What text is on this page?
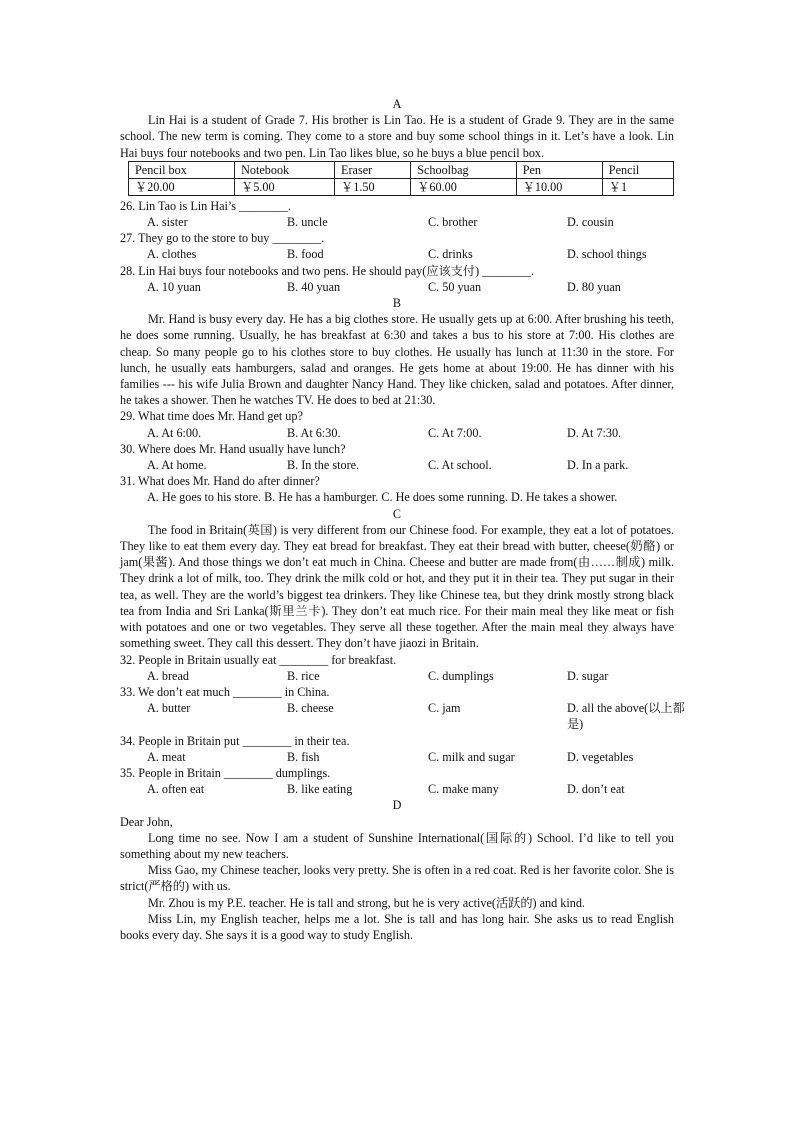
A

Lin Hai is a student of Grade 7. His brother is Lin Tao. He is a student of Grade 9. They are in the same school. The new term is coming. They come to a store and buy some school things in it. Let’s have a look. Lin Hai buys four notebooks and two pen. Lin Tao likes blue, so he buys a blue pencil box.

Pencil box	Notebook	Eraser	Schoolbag	Pen	Pencil
￥20.00	￥5.00	￥1.50	￥60.00	￥10.00	￥1

26. Lin Tao is Lin Hai’s ________.

A. sister	B. uncle	C. brother	D. cousin

27. They go to the store to buy ________.

A. clothes	B. food	C. drinks	D. school things

28. Lin Hai buys four notebooks and two pens. He should pay(应该支付) ________.

A. 10 yuan	B. 40 yuan	C. 50 yuan	D. 80 yuan

B

Mr. Hand is busy every day. He has a big clothes store. He usually gets up at 6:00. After brushing his teeth, he does some running. Usually, he has breakfast at 6:30 and takes a bus to his store at 7:00. His clothes are cheap. So many people go to his clothes store to buy clothes. He usually has lunch at 11:30 in the store. For lunch, he usually eats hamburgers, salad and oranges. He gets home at about 19:00. He has dinner with his families --- his wife Julia Brown and daughter Nancy Hand. They like chicken, salad and potatoes. After dinner, he takes a shower. Then he watches TV. He does to bed at 21:30.

29. What time does Mr. Hand get up?

A. At 6:00.	B. At 6:30.	C. At 7:00.	D. At 7:30.

30. Where does Mr. Hand usually have lunch?

A. At home.	B. In the store.	C. At school.	D. In a park.

31. What does Mr. Hand do after dinner?

A. He goes to his store. B. He has a hamburger. C. He does some running. D. He takes a shower.

C

The food in Britain(英国) is very different from our Chinese food. For example, they eat a lot of potatoes. They like to eat them every day. They eat bread for breakfast. They eat their bread with butter, cheese(奶酪) or jam(果酱). And those things we don’t eat much in China. Cheese and butter are made from(由……制成) milk. They drink a lot of milk, too. They drink the milk cold or hot, and they put it in their tea. They put sugar in their tea, as well. They are the world’s biggest tea drinkers. They like Chinese tea, but they drink mostly strong black tea from India and Sri Lanka(斯里兰卡). They don’t eat much rice. For their main meal they like meat or fish with potatoes and one or two vegetables. They serve all these together. After the main meal they always have something sweet. They call this dessert. They don’t have jiaozi in Britain.

32. People in Britain usually eat ________ for breakfast.

A. bread	B. rice	C. dumplings	D. sugar

33. We don’t eat much ________ in China.

A. butter	B. cheese	C. jam	D. all the above(以上都是)

34. People in Britain put ________ in their tea.

A. meat	B. fish	C. milk and sugar	D. vegetables

35. People in Britain ________ dumplings.

A. often eat	B. like eating	C. make many	D. don’t eat

D

Dear John,

Long time no see. Now I am a student of Sunshine International(国际的) School. I’d like to tell you something about my new teachers.

Miss Gao, my Chinese teacher, looks very pretty. She is often in a red coat. Red is her favorite color. She is strict(严格的) with us.

Mr. Zhou is my P.E. teacher. He is tall and strong, but he is very active(活跃的) and kind.

Miss Lin, my English teacher, helps me a lot. She is tall and has long hair. She asks us to read English books every day. She says it is a good way to study English.
